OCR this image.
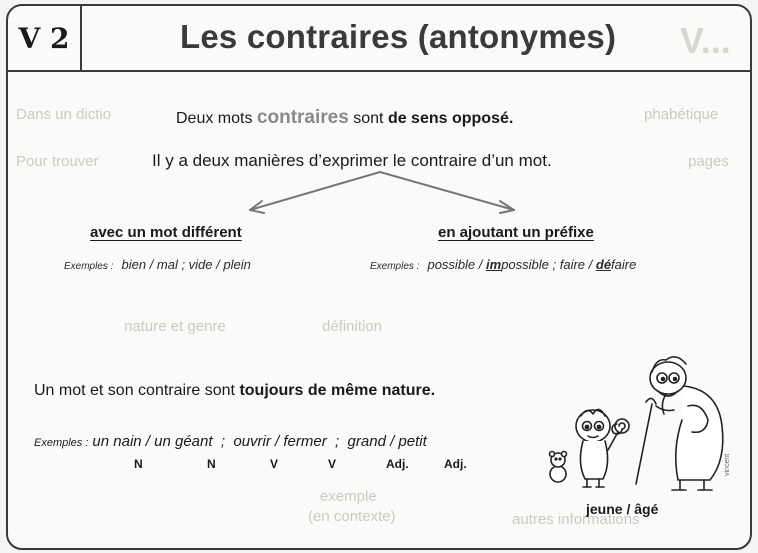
V...
Dans un dictio
Pour trouver
phabétique
pages
nature et genre	définition
exemple
(en contexte)	autres informations
V 2	Les contraires (antonymes)
Deux mots contraires sont de sens opposé.
Il y a deux manières d’exprimer le contraire d’un mot.
avec un mot différent
Exemples : bien / mal ; vide / plein
en ajoutant un préfixe
Exemples : possible / impossible ; faire / défaire
Un mot et son contraire sont toujours de même nature.
Exemples : un nain / un géant  ;  ouvrir / fermer  ;  grand / petit
N	N	V	V	Adj.	Adj.
jeune / âgé
vincent
